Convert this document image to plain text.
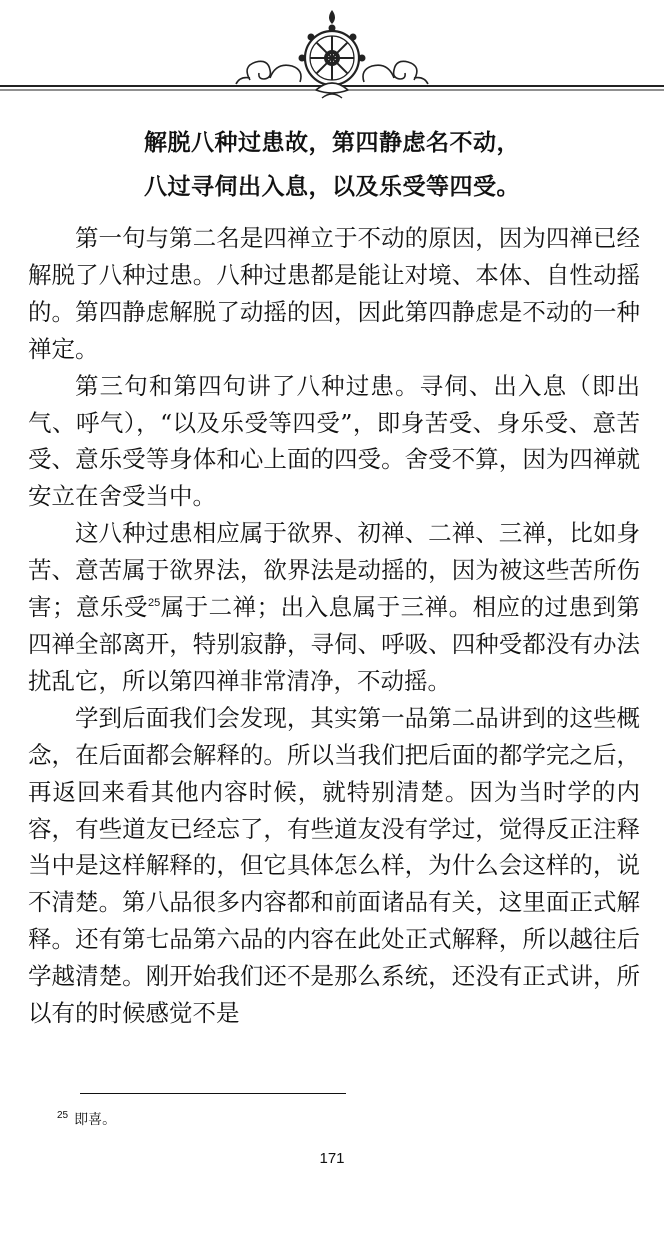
解脱八种过患故，第四静虑名不动，
八过寻伺出入息，以及乐受等四受。

第一句与第二名是四禅立于不动的原因，因为四禅已经解脱了八种过患。八种过患都是能让对境、本体、自性动摇的。第四静虑解脱了动摇的因，因此第四静虑是不动的一种禅定。

第三句和第四句讲了八种过患。寻伺、出入息（即出气、呼气），“以及乐受等四受”，即身苦受、身乐受、意苦受、意乐受等身体和心上面的四受。舍受不算，因为四禅就安立在舍受当中。

这八种过患相应属于欲界、初禅、二禅、三禅，比如身苦、意苦属于欲界法，欲界法是动摇的，因为被这些苦所伤害；意乐受$^{25}$属于二禅；出入息属于三禅。相应的过患到第四禅全部离开，特别寂静，寻伺、呼吸、四种受都没有办法扰乱它，所以第四禅非常清净，不动摇。

学到后面我们会发现，其实第一品第二品讲到的这些概念，在后面都会解释的。所以当我们把后面的都学完之后，再返回来看其他内容时候，就特别清楚。因为当时学的内容，有些道友已经忘了，有些道友没有学过，觉得反正注释当中是这样解释的，但它具体怎么样，为什么会这样的，说不清楚。第八品很多内容都和前面诸品有关，这里面正式解释。还有第七品第六品的内容在此处正式解释，所以越往后学越清楚。刚开始我们还不是那么系统，还没有正式讲，所以有的时候感觉不是

$^{25}$ 即喜。
171
